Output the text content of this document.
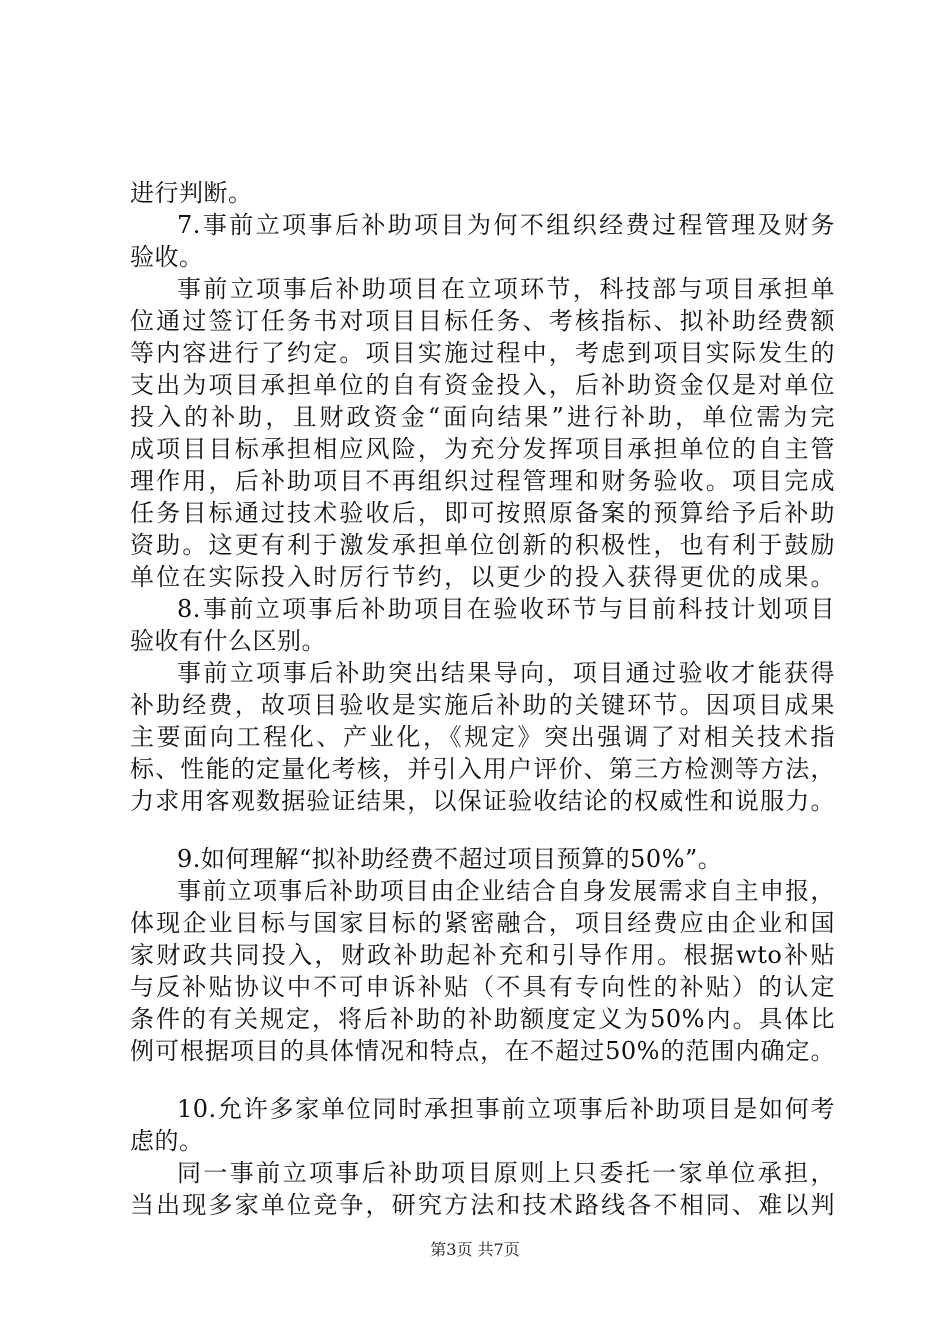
进行判断。
7.事前立项事后补助项目为何不组织经费过程管理及财务
验收。
事前立项事后补助项目在立项环节，科技部与项目承担单
位通过签订任务书对项目目标任务、考核指标、拟补助经费额
等内容进行了约定。项目实施过程中，考虑到项目实际发生的
支出为项目承担单位的自有资金投入，后补助资金仅是对单位
投入的补助，且财政资金“面向结果”进行补助，单位需为完
成项目目标承担相应风险，为充分发挥项目承担单位的自主管
理作用，后补助项目不再组织过程管理和财务验收。项目完成
任务目标通过技术验收后，即可按照原备案的预算给予后补助
资助。这更有利于激发承担单位创新的积极性，也有利于鼓励
单位在实际投入时厉行节约，以更少的投入获得更优的成果。
8.事前立项事后补助项目在验收环节与目前科技计划项目
验收有什么区别。
事前立项事后补助突出结果导向，项目通过验收才能获得
补助经费，故项目验收是实施后补助的关键环节。因项目成果
主要面向工程化、产业化，《规定》突出强调了对相关技术指
标、性能的定量化考核，并引入用户评价、第三方检测等方法，
力求用客观数据验证结果，以保证验收结论的权威性和说服力。
9.如何理解“拟补助经费不超过项目预算的50%”。
事前立项事后补助项目由企业结合自身发展需求自主申报，
体现企业目标与国家目标的紧密融合，项目经费应由企业和国
家财政共同投入，财政补助起补充和引导作用。根据wto补贴
与反补贴协议中不可申诉补贴（不具有专向性的补贴）的认定
条件的有关规定，将后补助的补助额度定义为50%内。具体比
例可根据项目的具体情况和特点，在不超过50%的范围内确定。
10.允许多家单位同时承担事前立项事后补助项目是如何考
虑的。
同一事前立项事后补助项目原则上只委托一家单位承担，
当出现多家单位竞争，研究方法和技术路线各不相同、难以判
第3页 共7页
